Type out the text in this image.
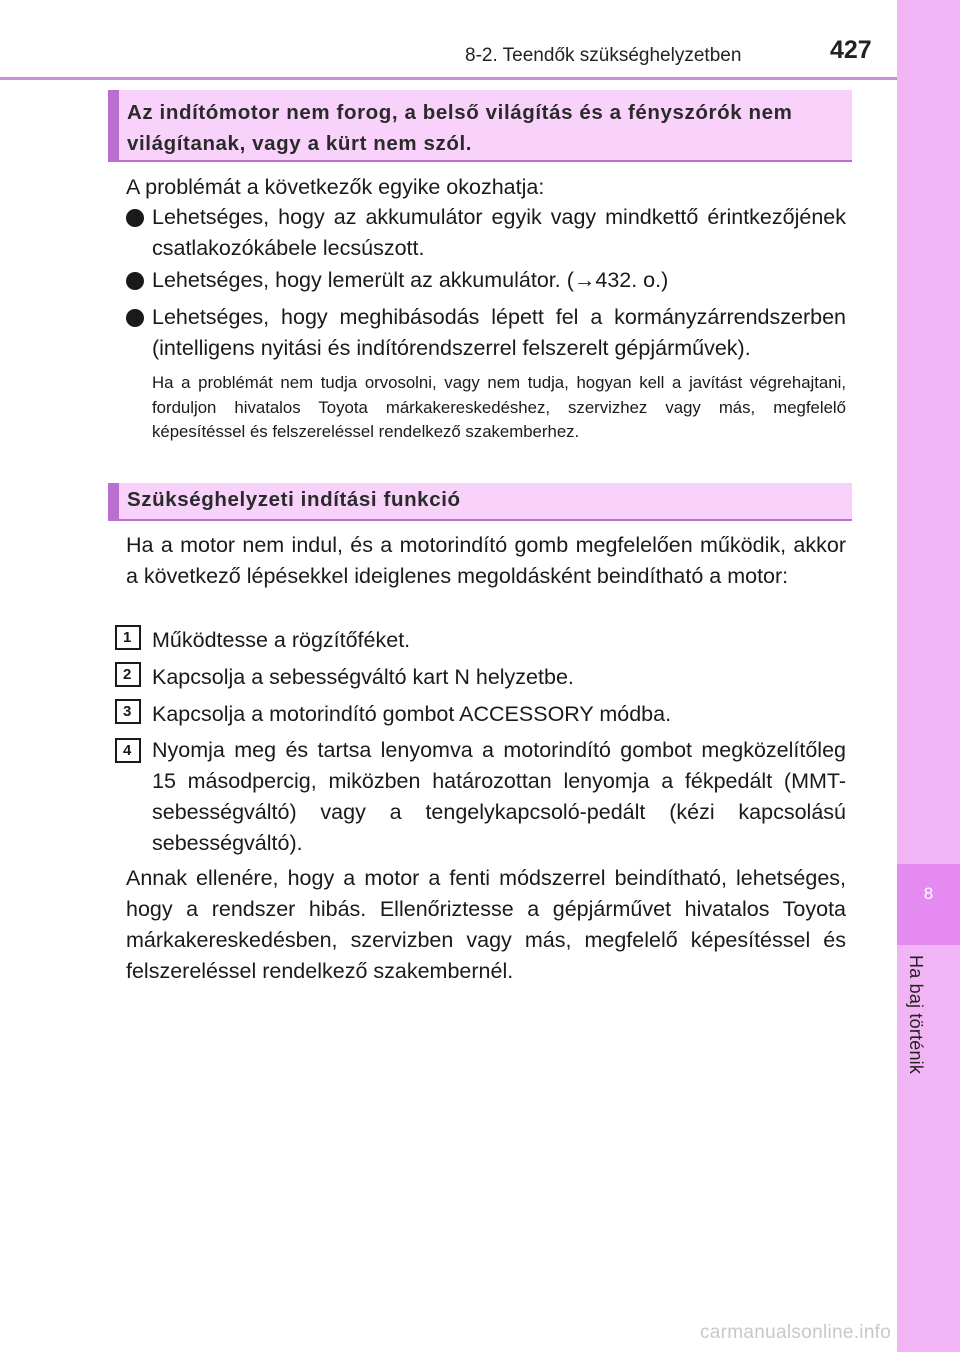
8
Ha baj történik
8-2. Teendők szükséghelyzetben	427
Az indítómotor nem forog, a belső világítás és a fényszórók nem világítanak, vagy a kürt nem szól.
A problémát a következők egyike okozhatja:
Lehetséges, hogy az akkumulátor egyik vagy mindkettő érintkezőjének csatlakozókábele lecsúszott.
Lehetséges, hogy lemerült az akkumulátor. (→432. o.)
Lehetséges, hogy meghibásodás lépett fel a kormányzárrendszerben (intelligens nyitási és indítórendszerrel felszerelt gépjárművek).
Ha a problémát nem tudja orvosolni, vagy nem tudja, hogyan kell a javítást végrehajtani, forduljon hivatalos Toyota márkakereskedéshez, szervizhez vagy más, megfelelő képesítéssel és felszereléssel rendelkező szakemberhez.
Szükséghelyzeti indítási funkció
Ha a motor nem indul, és a motorindító gomb megfelelően működik, akkor a következő lépésekkel ideiglenes megoldásként beindítható a motor:
1 Működtesse a rögzítőféket.
2 Kapcsolja a sebességváltó kart N helyzetbe.
3 Kapcsolja a motorindító gombot ACCESSORY módba.
4 Nyomja meg és tartsa lenyomva a motorindító gombot megközelítőleg 15 másodpercig, miközben határozottan lenyomja a fékpedált (MMT-sebességváltó) vagy a tengelykapcsoló-pedált (kézi kapcsolású sebességváltó).
Annak ellenére, hogy a motor a fenti módszerrel beindítható, lehetséges, hogy a rendszer hibás. Ellenőriztesse a gépjárművet hivatalos Toyota márkakereskedésben, szervizben vagy más, megfelelő képesítéssel és felszereléssel rendelkező szakembernél.
carmanualsonline.info
